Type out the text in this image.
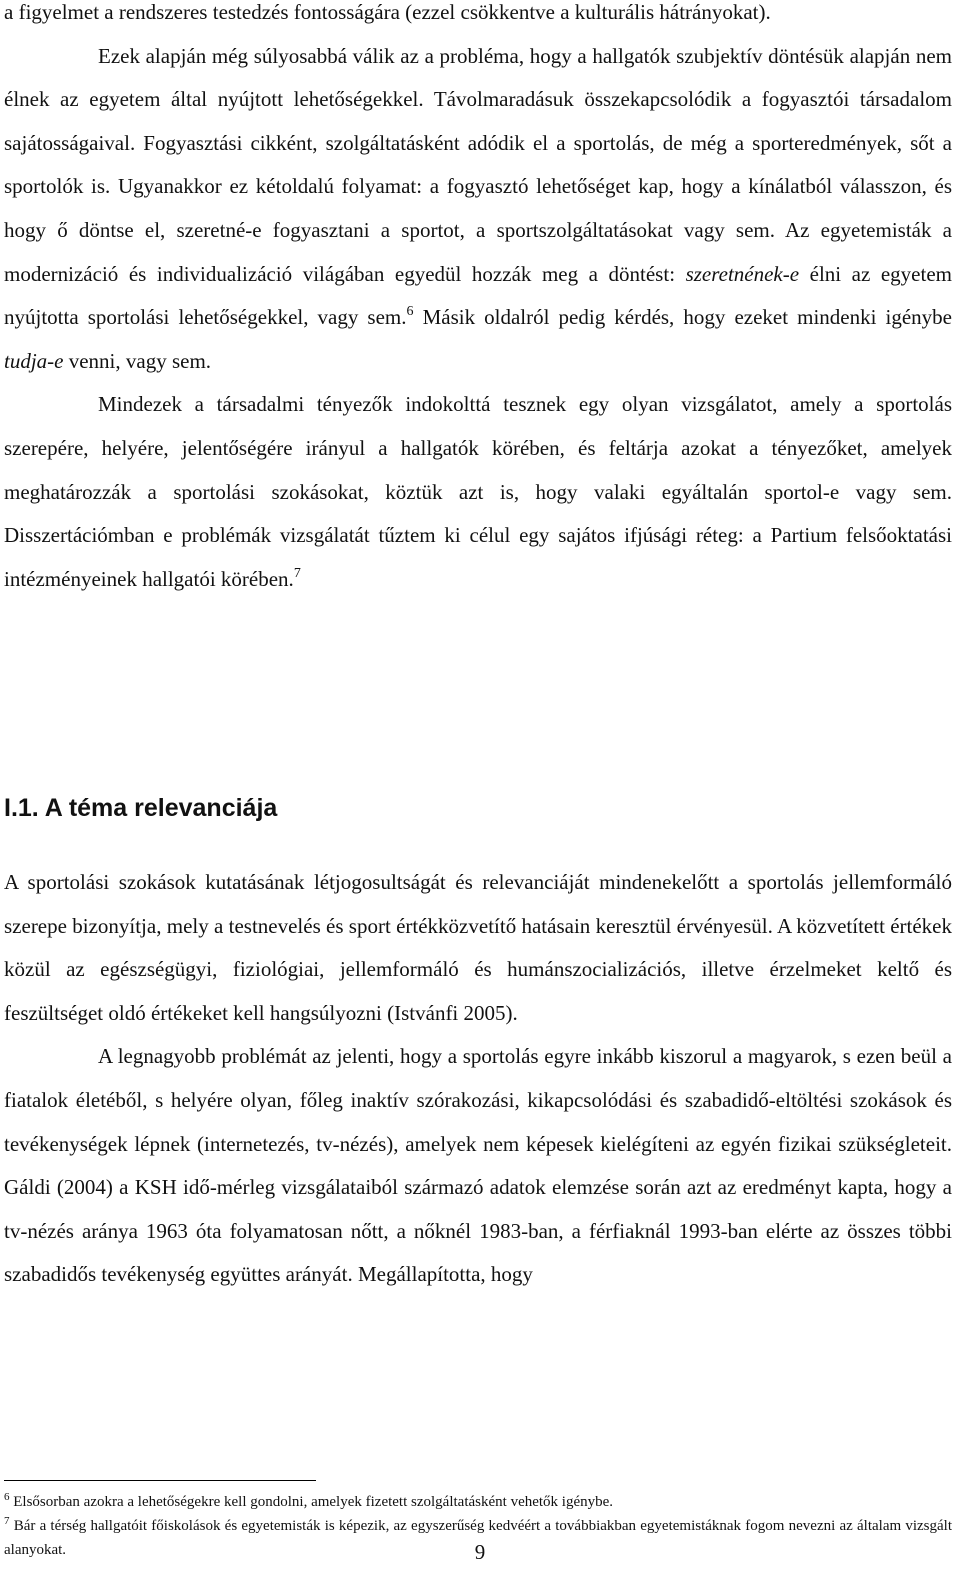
a figyelmet a rendszeres testedzés fontosságára (ezzel csökkentve a kulturális hátrányokat).

Ezek alapján még súlyosabbá válik az a probléma, hogy a hallgatók szubjektív döntésük alapján nem élnek az egyetem által nyújtott lehetőségekkel. Távolmaradásuk összekapcsolódik a fogyasztói társadalom sajátosságaival. Fogyasztási cikként, szolgáltatásként adódik el a sportolás, de még a sporteredmények, sőt a sportolók is. Ugyanakkor ez kétoldalú folyamat: a fogyasztó lehetőséget kap, hogy a kínálatból válasszon, és hogy ő döntse el, szeretné-e fogyasztani a sportot, a sportszolgáltatásokat vagy sem. Az egyetemisták a modernizáció és individualizáció világában egyedül hozzák meg a döntést: szeretnének-e élni az egyetem nyújtotta sportolási lehetőségekkel, vagy sem.$^6$ Másik oldalról pedig kérdés, hogy ezeket mindenki igénybe tudja-e venni, vagy sem.

Mindezek a társadalmi tényezők indokolttá tesznek egy olyan vizsgálatot, amely a sportolás szerepére, helyére, jelentőségére irányul a hallgatók körében, és feltárja azokat a tényezőket, amelyek meghatározzák a sportolási szokásokat, köztük azt is, hogy valaki egyáltalán sportol-e vagy sem. Disszertációmban e problémák vizsgálatát tűztem ki célul egy sajátos ifjúsági réteg: a Partium felsőoktatási intézményeinek hallgatói körében.$^7$

I.1. A téma relevanciája

A sportolási szokások kutatásának létjogosultságát és relevanciáját mindenekelőtt a sportolás jellemformáló szerepe bizonyítja, mely a testnevelés és sport értékközvetítő hatásain keresztül érvényesül. A közvetített értékek közül az egészségügyi, fiziológiai, jellemformáló és humánszocializációs, illetve érzelmeket keltő és feszültséget oldó értékeket kell hangsúlyozni (Istvánfi 2005).

A legnagyobb problémát az jelenti, hogy a sportolás egyre inkább kiszorul a magyarok, s ezen beül a fiatalok életéből, s helyére olyan, főleg inaktív szórakozási, kikapcsolódási és szabadidő-eltöltési szokások és tevékenységek lépnek (internetezés, tv-nézés), amelyek nem képesek kielégíteni az egyén fizikai szükségleteit. Gáldi (2004) a KSH idő-mérleg vizsgálataiból származó adatok elemzése során azt az eredményt kapta, hogy a tv-nézés aránya 1963 óta folyamatosan nőtt, a nőknél 1983-ban, a férfiaknál 1993-ban elérte az összes többi szabadidős tevékenység együttes arányát. Megállapította, hogy

$^6$ Elsősorban azokra a lehetőségekre kell gondolni, amelyek fizetett szolgáltatásként vehetők igénybe.

$^7$ Bár a térség hallgatóit főiskolások és egyetemisták is képezik, az egyszerűség kedvéért a továbbiakban egyetemistáknak fogom nevezni az általam vizsgált alanyokat.	9
